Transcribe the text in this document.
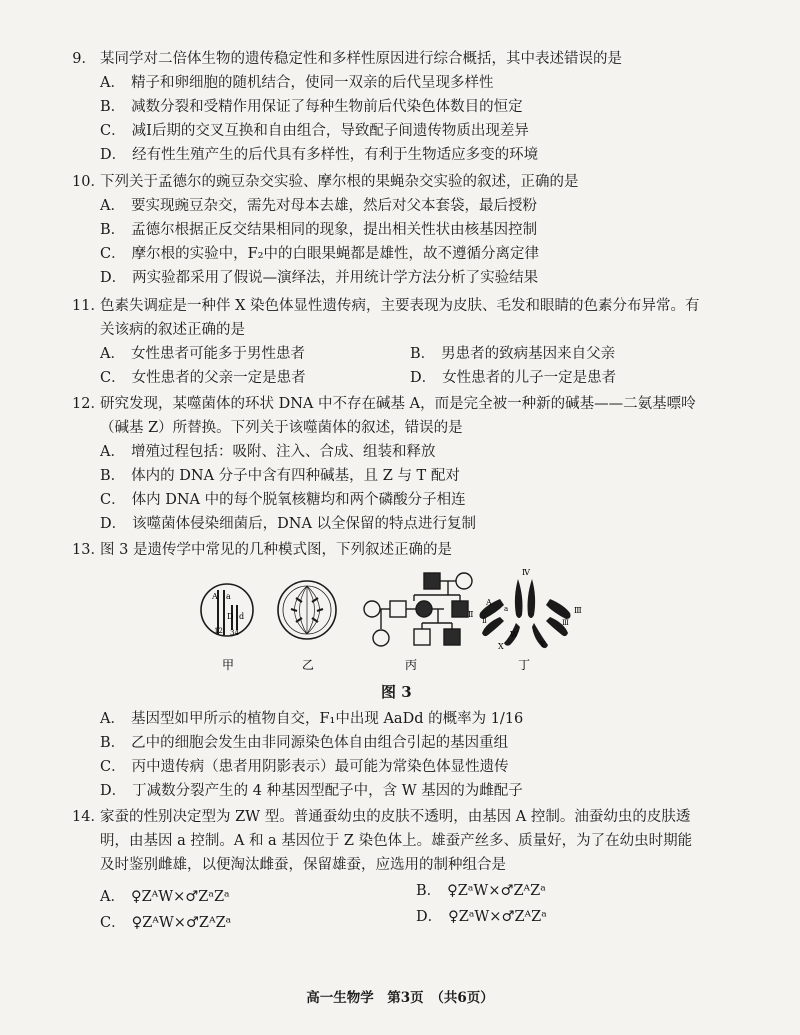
9． 某同学对二倍体生物的遗传稳定性和多样性原因进行综合概括，其中表述错误的是
A． 精子和卵细胞的随机结合，使同一双亲的后代呈现多样性
B． 减数分裂和受精作用保证了每种生物前后代染色体数目的恒定
C． 减Ⅰ后期的交叉互换和自由组合，导致配子间遗传物质出现差异
D． 经有性生殖产生的后代具有多样性，有利于生物适应多变的环境
10．下列关于孟德尔的豌豆杂交实验、摩尔根的果蝇杂交实验的叙述，正确的是
A． 要实现豌豆杂交，需先对母本去雄，然后对父本套袋，最后授粉
B． 孟德尔根据正反交结果相同的现象，提出相关性状由核基因控制
C． 摩尔根的实验中，F₂中的白眼果蝇都是雄性，故不遵循分离定律
D． 两实验都采用了假说—演绎法，并用统计学方法分析了实验结果
11．色素失调症是一种伴 X 染色体显性遗传病，主要表现为皮肤、毛发和眼睛的色素分布异常。有关该病的叙述正确的是
A． 女性患者可能多于男性患者	B． 男患者的致病基因来自父亲
C． 女性患者的父亲一定是患者	D． 女性患者的儿子一定是患者
12．研究发现，某噬菌体的环状 DNA 中不存在碱基 A，而是完全被一种新的碱基——二氨基嘌呤（碱基 Z）所替换。下列关于该噬菌体的叙述，错误的是
A． 增殖过程包括：吸附、注入、合成、组装和释放
B． 体内的 DNA 分子中含有四种碱基，且 Z 与 T 配对
C． 体内 DNA 中的每个脱氧核糖均和两个磷酸分子相连
D． 该噬菌体侵染细菌后，DNA 以全保留的特点进行复制
13．图 3 是遗传学中常见的几种模式图，下列叙述正确的是
A a
D d
12 34
Ⅳ
A
a
Ⅱ
Ⅱ
Ⅲ
Ⅲ
W
X	Y
甲	乙	丙	丁
图 3
A． 基因型如甲所示的植物自交，F₁中出现 AaDd 的概率为 1/16
B． 乙中的细胞会发生由非同源染色体自由组合引起的基因重组
C． 丙中遗传病（患者用阴影表示）最可能为常染色体显性遗传
D． 丁减数分裂产生的 4 种基因型配子中，含 W 基因的为雌配子
14．家蚕的性别决定型为 ZW 型。普通蚕幼虫的皮肤不透明，由基因 A 控制。油蚕幼虫的皮肤透明，由基因 a 控制。A 和 a 基因位于 Z 染色体上。雄蚕产丝多、质量好，为了在幼虫时期能及时鉴别雌雄，以便淘汰雌蚕，保留雄蚕，应选用的制种组合是
A． ♀ZᴬW×♂ZᵃZᵃ	B． ♀ZᵃW×♂ZᴬZᵃ
C． ♀ZᴬW×♂ZᴬZᵃ	D． ♀ZᵃW×♂ZᴬZᵃ
高一生物学　第3页　（共6页）
